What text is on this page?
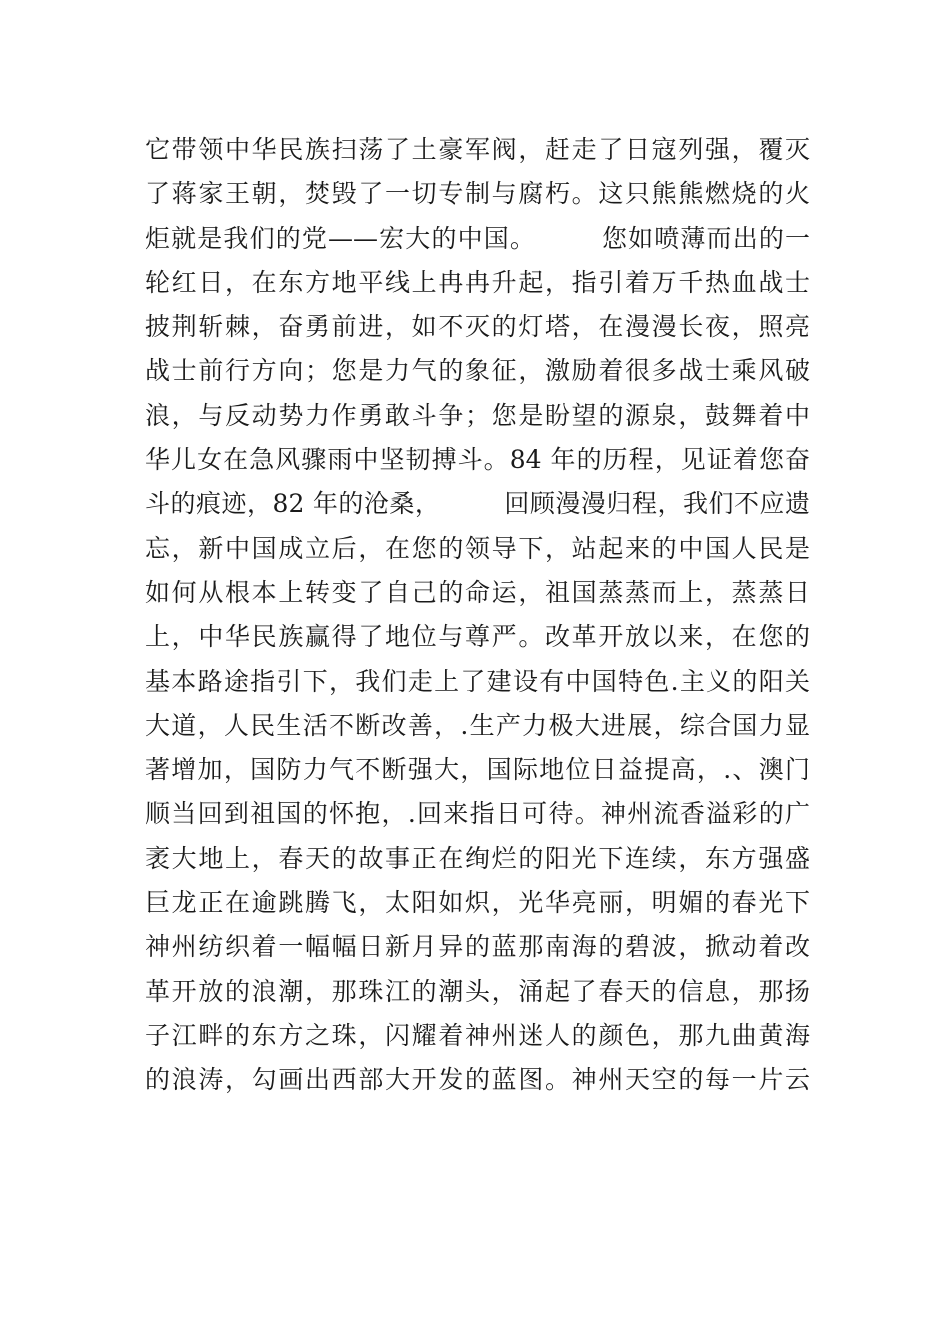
它带领中华民族扫荡了土豪军阀，赶走了日寇列强，覆灭
了蒋家王朝，焚毁了一切专制与腐朽。这只熊熊燃烧的火
炬就是我们的党——宏大的中国。　　　您如喷薄而出的一
轮红日，在东方地平线上冉冉升起，指引着万千热血战士
披荆斩棘，奋勇前进，如不灭的灯塔，在漫漫长夜，照亮
战士前行方向；您是力气的象征，激励着很多战士乘风破
浪，与反动势力作勇敢斗争；您是盼望的源泉，鼓舞着中
华儿女在急风骤雨中坚韧搏斗。84 年的历程，见证着您奋
斗的痕迹，82 年的沧桑，　　　回顾漫漫归程，我们不应遗
忘，新中国成立后，在您的领导下，站起来的中国人民是
如何从根本上转变了自己的命运，祖国蒸蒸而上，蒸蒸日
上，中华民族赢得了地位与尊严。改革开放以来，在您的
基本路途指引下，我们走上了建设有中国特色.主义的阳关
大道，人民生活不断改善，.生产力极大进展，综合国力显
著增加，国防力气不断强大，国际地位日益提高，.、澳门
顺当回到祖国的怀抱，.回来指日可待。神州流香溢彩的广
袤大地上，春天的故事正在绚烂的阳光下连续，东方强盛
巨龙正在逾跳腾飞，太阳如炽，光华亮丽，明媚的春光下
神州纺织着一幅幅日新月异的蓝那南海的碧波，掀动着改
革开放的浪潮，那珠江的潮头，涌起了春天的信息，那扬
子江畔的东方之珠，闪耀着神州迷人的颜色，那九曲黄海
的浪涛，勾画出西部大开发的蓝图。神州天空的每一片云
